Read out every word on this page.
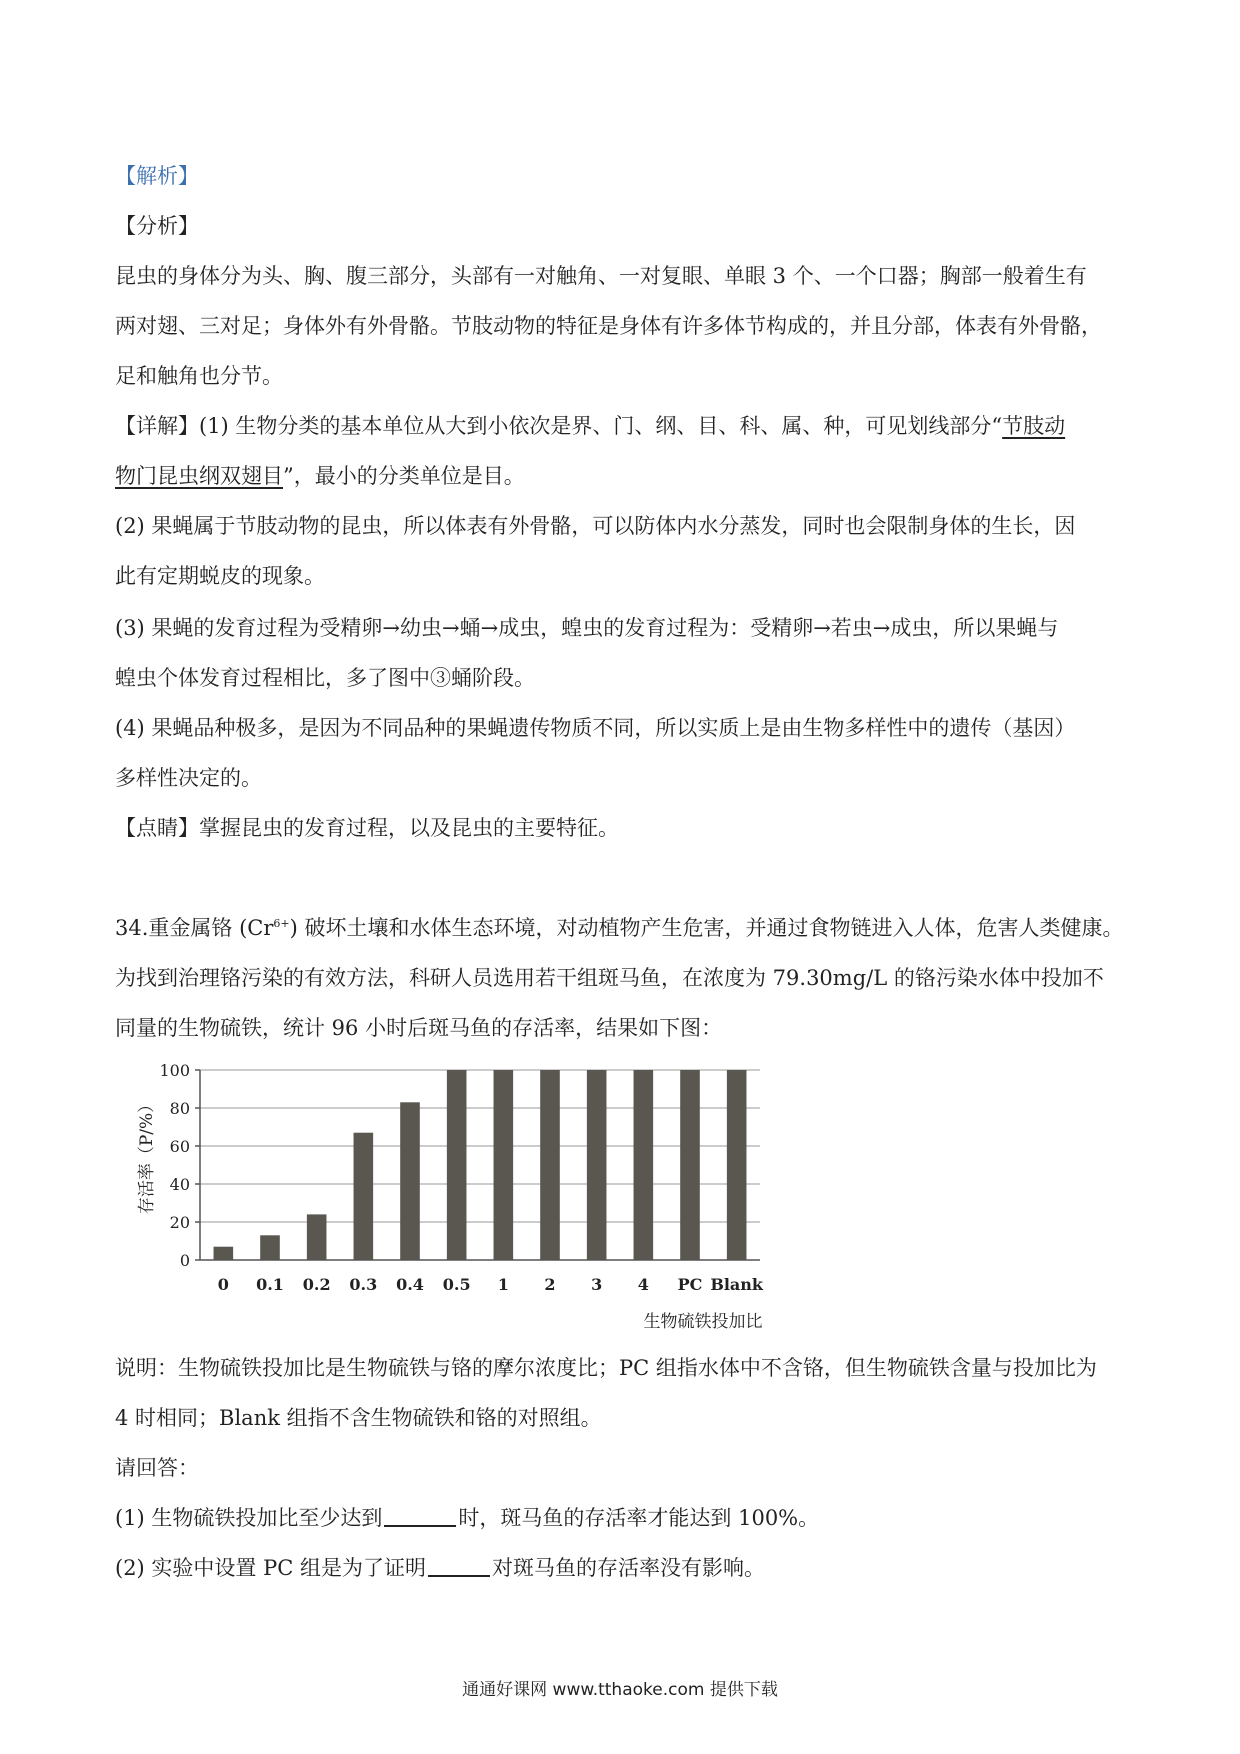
【解析】
【分析】
昆虫的身体分为头、胸、腹三部分，头部有一对触角、一对复眼、单眼 3 个、一个口器；胸部一般着生有
两对翅、三对足；身体外有外骨骼。节肢动物的特征是身体有许多体节构成的，并且分部，体表有外骨骼，
足和触角也分节。
【详解】(1) 生物分类的基本单位从大到小依次是界、门、纲、目、科、属、种，可见划线部分“节肢动
物门昆虫纲双翅目”，最小的分类单位是目。
(2) 果蝇属于节肢动物的昆虫，所以体表有外骨骼，可以防体内水分蒸发，同时也会限制身体的生长，因
此有定期蜕皮的现象。
(3) 果蝇的发育过程为受精卵→幼虫→蛹→成虫，蝗虫的发育过程为：受精卵→若虫→成虫，所以果蝇与
蝗虫个体发育过程相比，多了图中③蛹阶段。
(4) 果蝇品种极多，是因为不同品种的果蝇遗传物质不同，所以实质上是由生物多样性中的遗传（基因）
多样性决定的。
【点睛】掌握昆虫的发育过程，以及昆虫的主要特征。
34.重金属铬 $(Cr^{6+})$ 破坏土壤和水体生态环境，对动植物产生危害，并通过食物链进入人体，危害人类健康。
为找到治理铬污染的有效方法，科研人员选用若干组斑马鱼，在浓度为 79.30mg/L 的铬污染水体中投加不
同量的生物硫铁，统计 96 小时后斑马鱼的存活率，结果如下图：
0
20
40
60
80
100
0 0.1 0.2 0.3 0.4 0.5 1 2 3 4 PC Blank
存活率（P/%）
生物硫铁投加比
说明：生物硫铁投加比是生物硫铁与铬的摩尔浓度比；PC 组指水体中不含铬，但生物硫铁含量与投加比为
4 时相同；Blank 组指不含生物硫铁和铬的对照组。
请回答：
(1) 生物硫铁投加比至少达到	时，斑马鱼的存活率才能达到 100%。
(2) 实验中设置 PC 组是为了证明	对斑马鱼的存活率没有影响。
通通好课网 www.tthaoke.com 提供下载
